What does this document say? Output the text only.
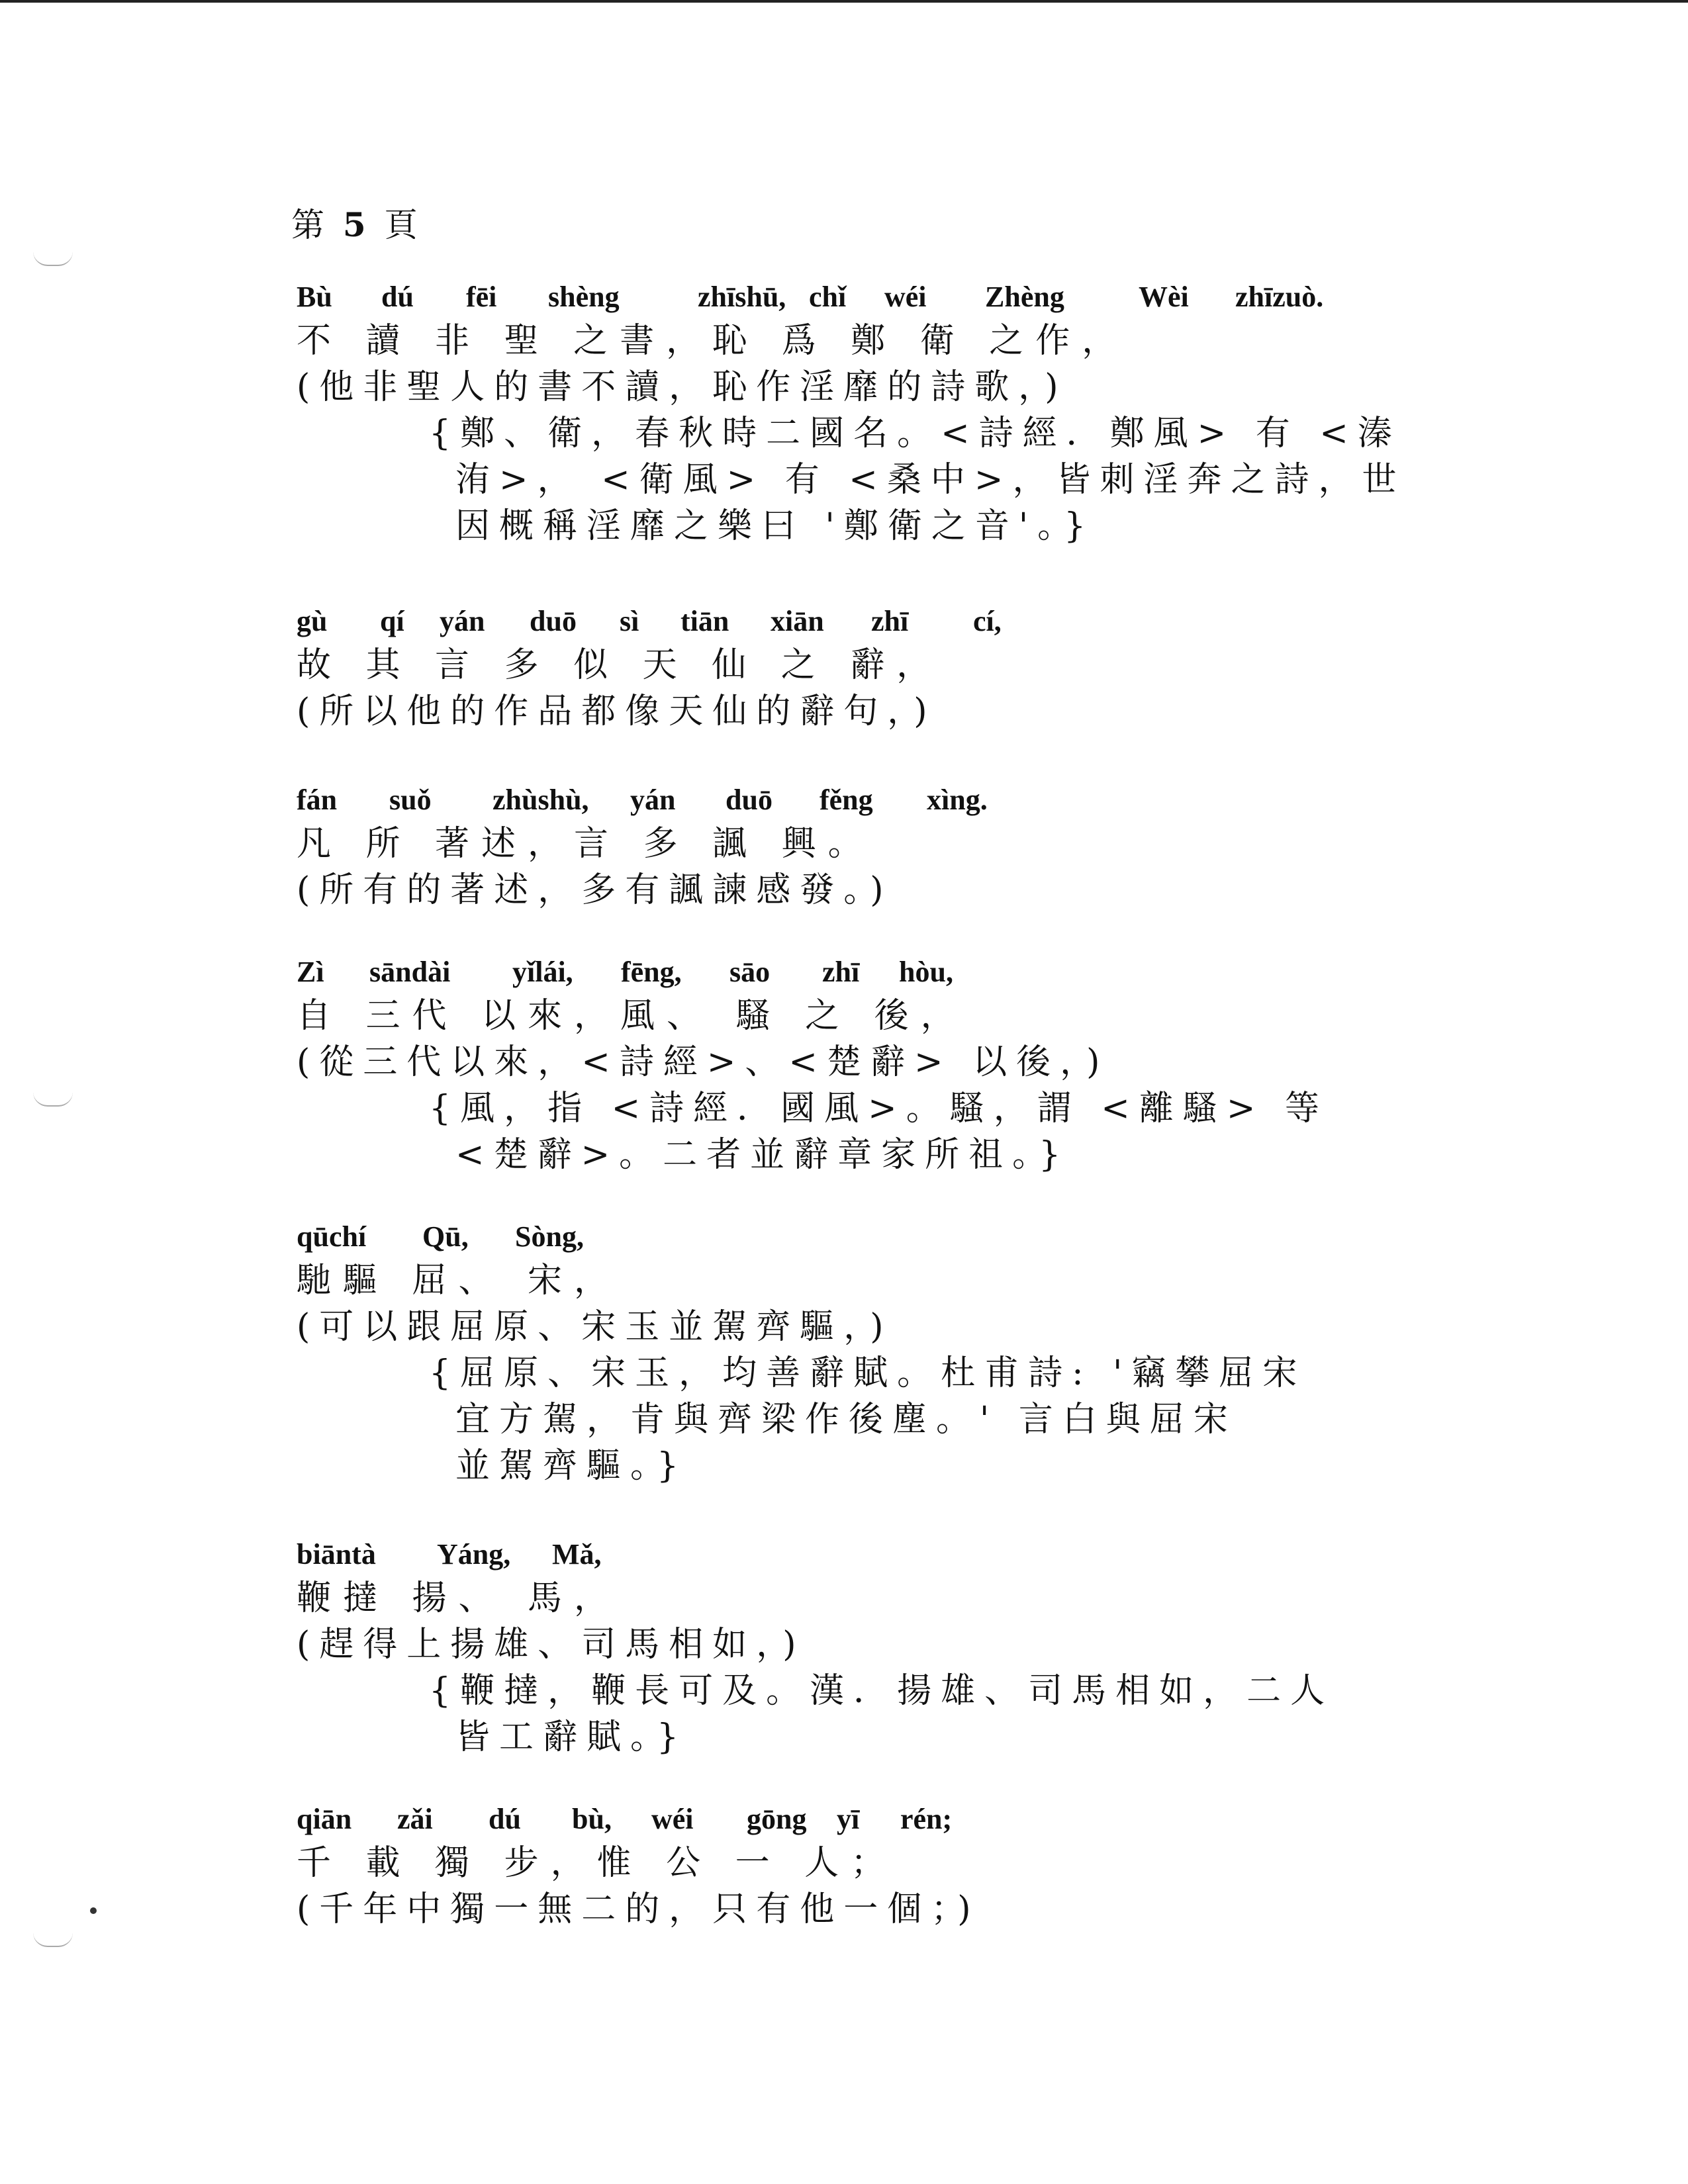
第 5 頁
Bù dú fēi shèng	zhīshū, chǐ wéi Zhèng	Wèi zhīzuò.
不 讀 非 聖 之書，恥 爲 鄭 衛 之作，
(他非聖人的書不讀，恥作淫靡的詩歌，)
{鄭、衛，春秋時二國名。<詩經．鄭風> 有 <溱
洧>， <衛風> 有 <桑中>，皆刺淫奔之詩，世
因概稱淫靡之樂曰 '鄭衛之音'。}
gù qí yán duō sì tiān xiān zhī cí,
故 其 言 多 似 天 仙 之 辭，
(所以他的作品都像天仙的辭句，)
fán suǒ zhùshù, yán duō fěng xìng.
凡 所 著述，言 多 諷 興。
(所有的著述，多有諷諫感發。)
Zì sāndài yǐlái, fēng, sāo zhī hòu,
自 三代 以來，風、 騷 之 後，
(從三代以來，<詩經>、<楚辭> 以後，)
{風，指 <詩經．國風>。騷，謂 <離騷> 等
<楚辭>。二者並辭章家所祖。}
qūchí Qū, Sòng,
馳驅 屈、 宋，
(可以跟屈原、宋玉並駕齊驅，)
{屈原、宋玉，均善辭賦。杜甫詩: '竊攀屈宋
宜方駕，肯與齊梁作後塵。' 言白與屈宋
並駕齊驅。}
biāntà Yáng, Mǎ,
鞭撻 揚、 馬，
(趕得上揚雄、司馬相如，)
{鞭撻，鞭長可及。漢．揚雄、司馬相如，二人
皆工辭賦。}
qiān zǎi dú bù, wéi gōng yī rén;
千 載 獨 步，惟 公 一 人；
(千年中獨一無二的，只有他一個；)
